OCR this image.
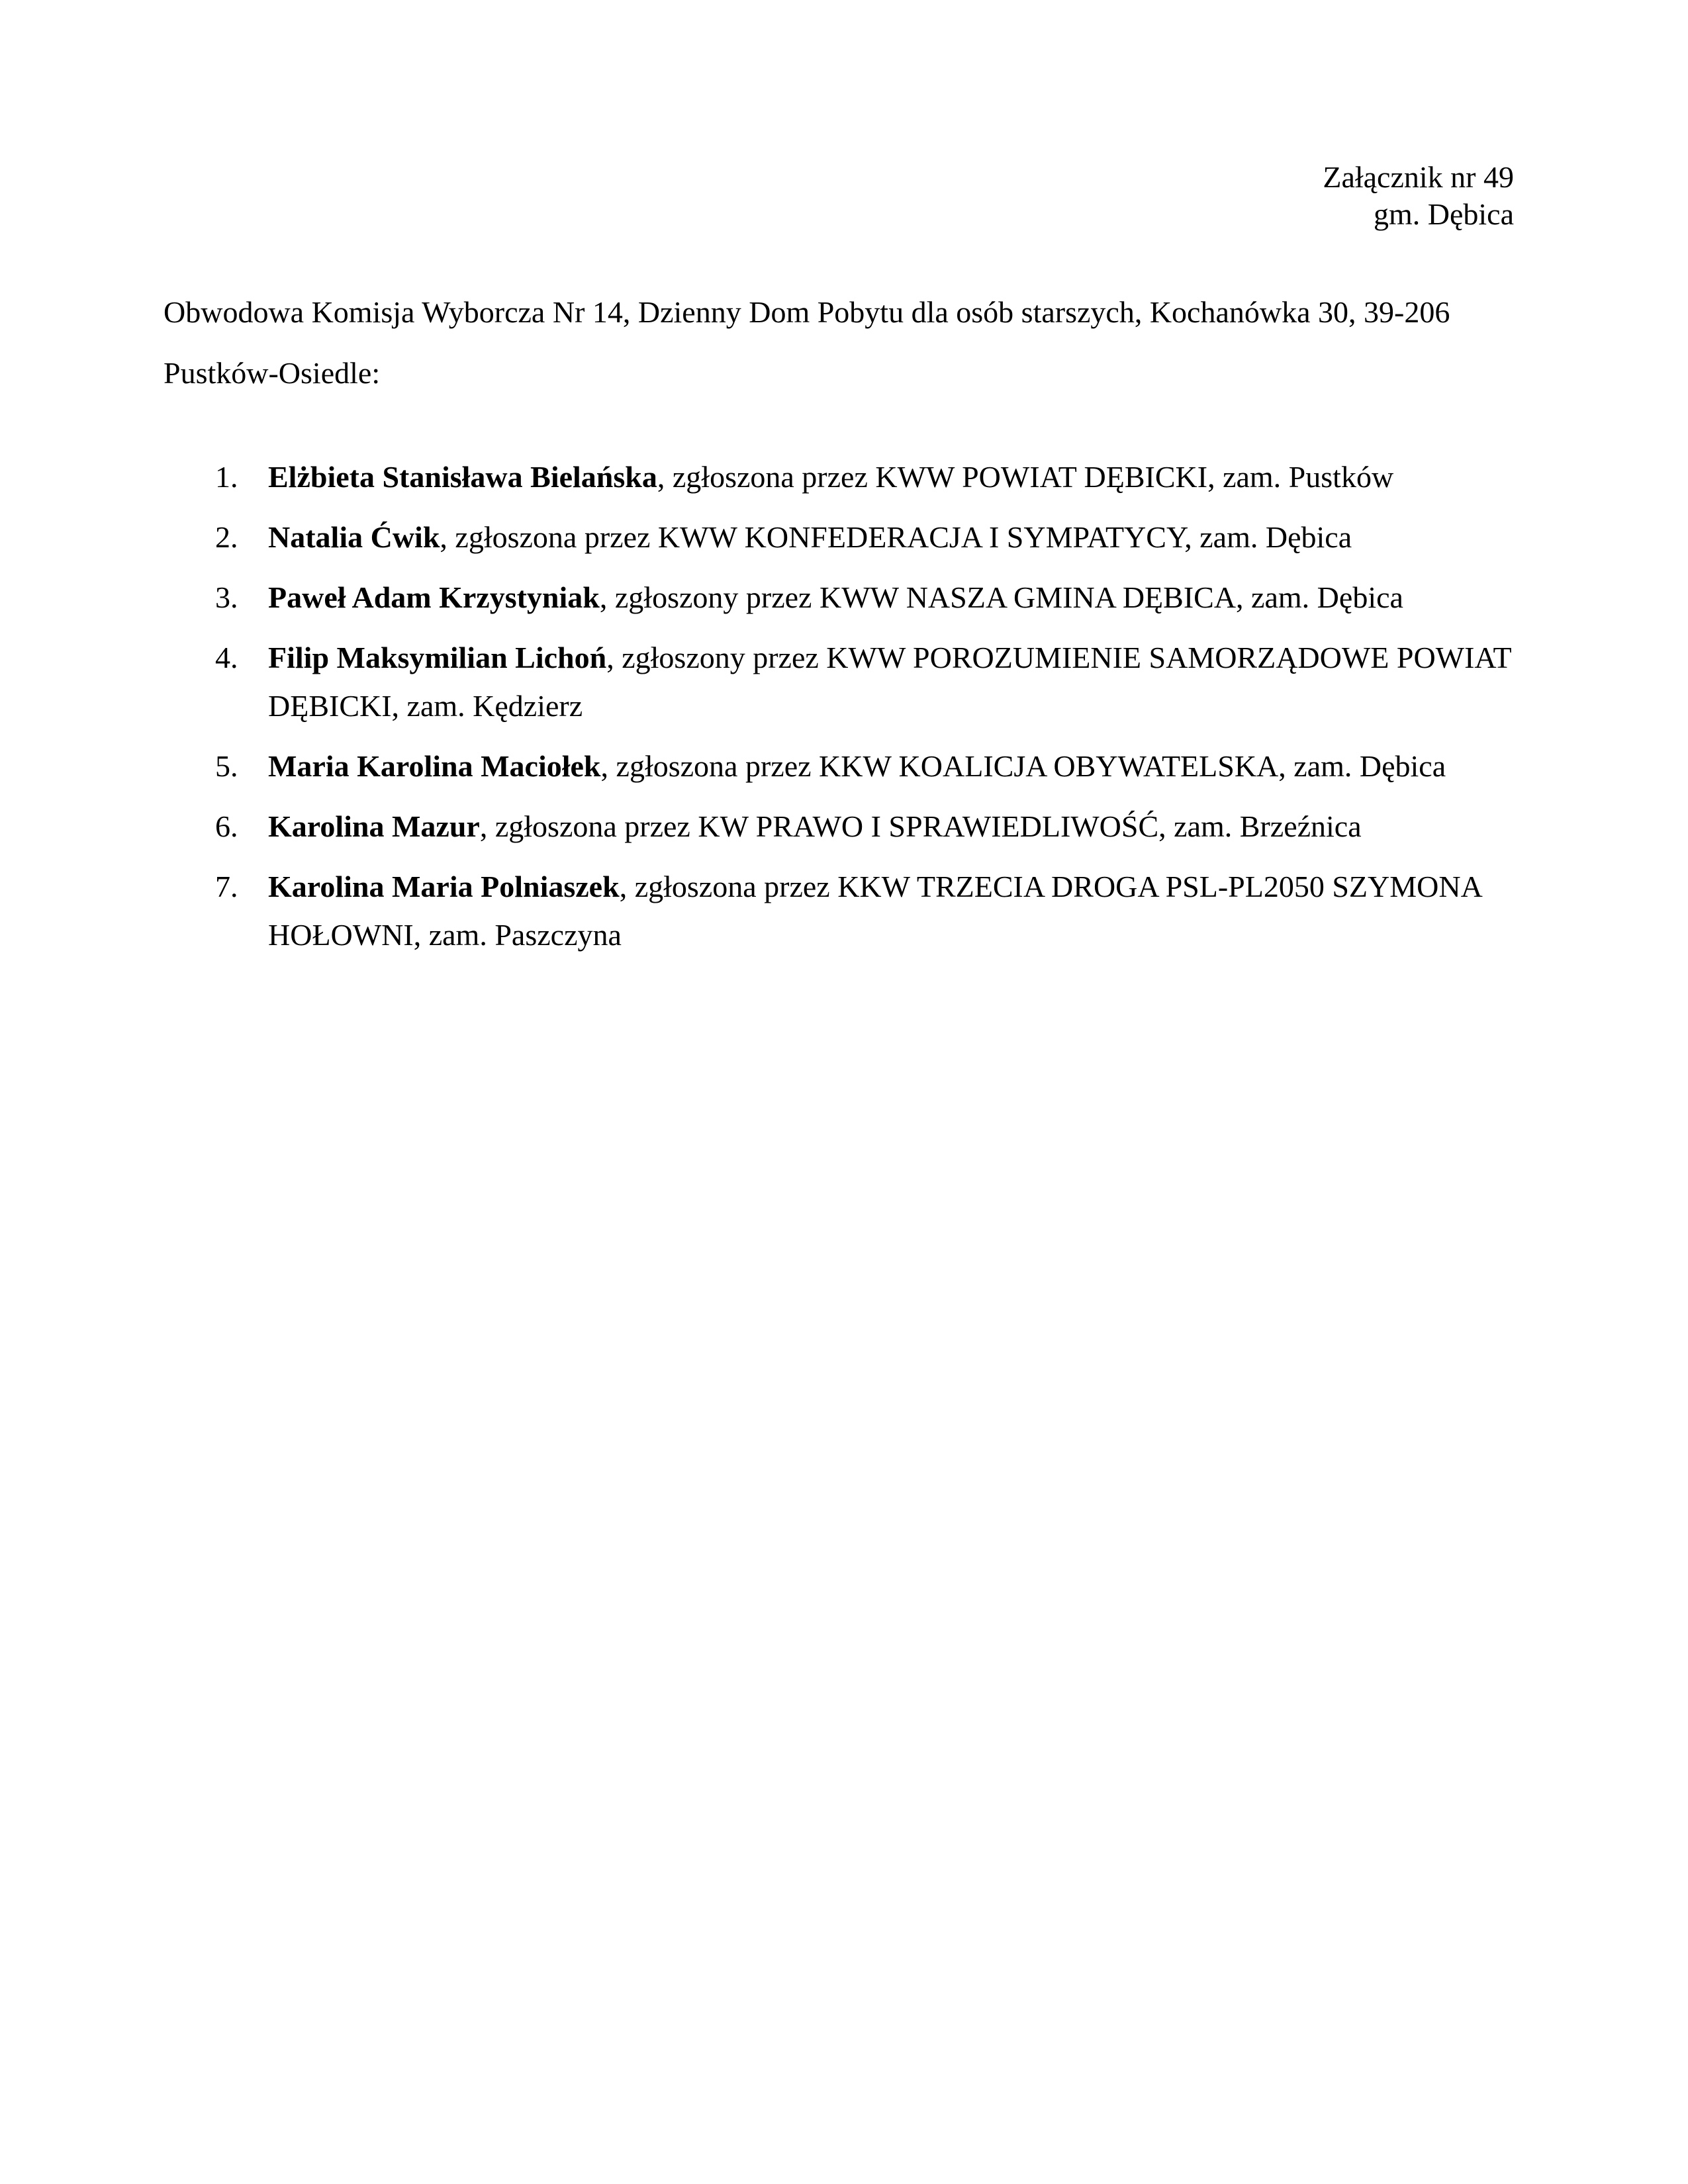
Załącznik nr 49
gm. Dębica

Obwodowa Komisja Wyborcza Nr 14, Dzienny Dom Pobytu dla osób starszych, Kochanówka 30, 39-206 Pustków-Osiedle:

1. Elżbieta Stanisława Bielańska, zgłoszona przez KWW POWIAT DĘBICKI, zam. Pustków
2. Natalia Ćwik, zgłoszona przez KWW KONFEDERACJA I SYMPATYCY, zam. Dębica
3. Paweł Adam Krzystyniak, zgłoszony przez KWW NASZA GMINA DĘBICA, zam. Dębica
4. Filip Maksymilian Lichoń, zgłoszony przez KWW POROZUMIENIE SAMORZĄDOWE POWIAT DĘBICKI, zam. Kędzierz
5. Maria Karolina Maciołek, zgłoszona przez KKW KOALICJA OBYWATELSKA, zam. Dębica
6. Karolina Mazur, zgłoszona przez KW PRAWO I SPRAWIEDLIWOŚĆ, zam. Brzeźnica
7. Karolina Maria Polniaszek, zgłoszona przez KKW TRZECIA DROGA PSL-PL2050 SZYMONA HOŁOWNI, zam. Paszczyna
